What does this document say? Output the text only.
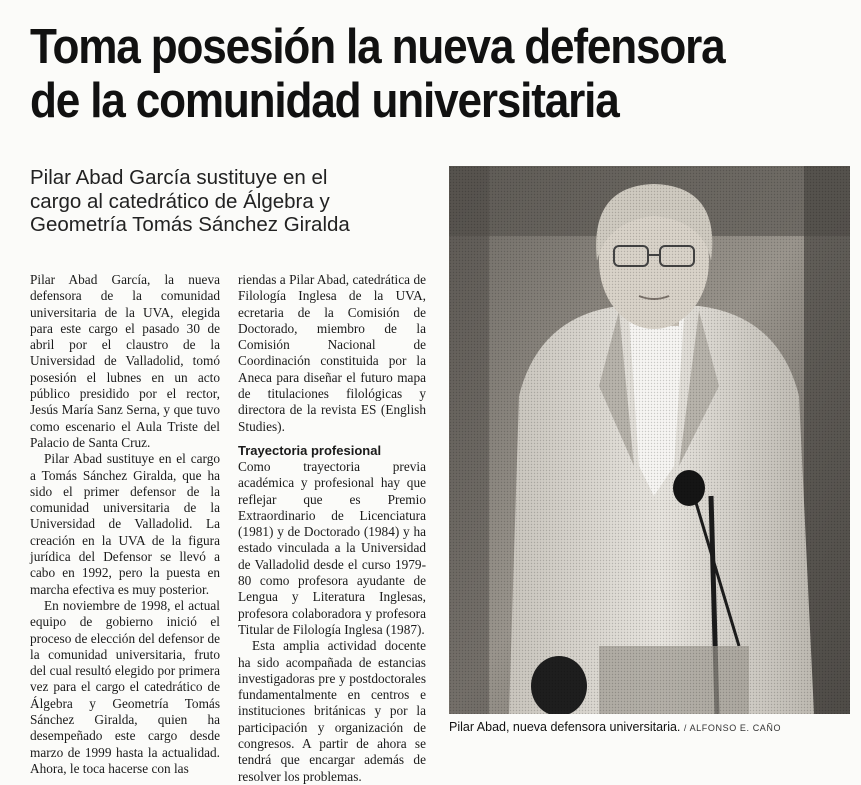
Toma posesión la nueva defensora
de la comunidad universitaria
Pilar Abad García sustituye en el
cargo al catedrático de Álgebra y
Geometría Tomás Sánchez Giralda

Pilar Abad García, la nueva defensora de la comunidad universitaria de la UVA, elegida para este cargo el pasado 30 de abril por el claustro de la Universidad de Valladolid, tomó posesión el lubnes en un acto público presidido por el rector, Jesús María Sanz Serna, y que tuvo como escenario el Aula Triste del Palacio de Santa Cruz.

Pilar Abad sustituye en el cargo a Tomás Sánchez Giralda, que ha sido el primer defensor de la comunidad universitaria de la Universidad de Valladolid. La creación en la UVA de la figura jurídica del Defensor se llevó a cabo en 1992, pero la puesta en marcha efectiva es muy posterior.

En noviembre de 1998, el actual equipo de gobierno inició el proceso de elección del defensor de la comunidad universitaria, fruto del cual resultó elegido por primera vez para el cargo el catedrático de Álgebra y Geometría Tomás Sánchez Giralda, quien ha desempeñado este cargo desde marzo de 1999 hasta la actualidad. Ahora, le toca hacerse con las

riendas a Pilar Abad, catedrática de Filología Inglesa de la UVA, ecretaria de la Comisión de Doctorado, miembro de la Comisión Nacional de Coordinación constituida por la Aneca para diseñar el futuro mapa de titulaciones filológicas y directora de la revista ES (English Studies).

Trayectoria profesional

Como trayectoria previa académica y profesional hay que reflejar que es Premio Extraordinario de Licenciatura (1981) y de Doctorado (1984) y ha estado vinculada a la Universidad de Valladolid desde el curso 1979-80 como profesora ayudante de Lengua y Literatura Inglesas, profesora colaboradora y profesora Titular de Filología Inglesa (1987).

Esta amplia actividad docente ha sido acompañada de estancias investigadoras pre y postdoctorales fundamentalmente en centros e instituciones británicas y por la participación y organización de congresos. A partir de ahora se tendrá que encargar además de resolver los problemas.

Pilar Abad, nueva defensora universitaria. / ALFONSO E. CAÑO
